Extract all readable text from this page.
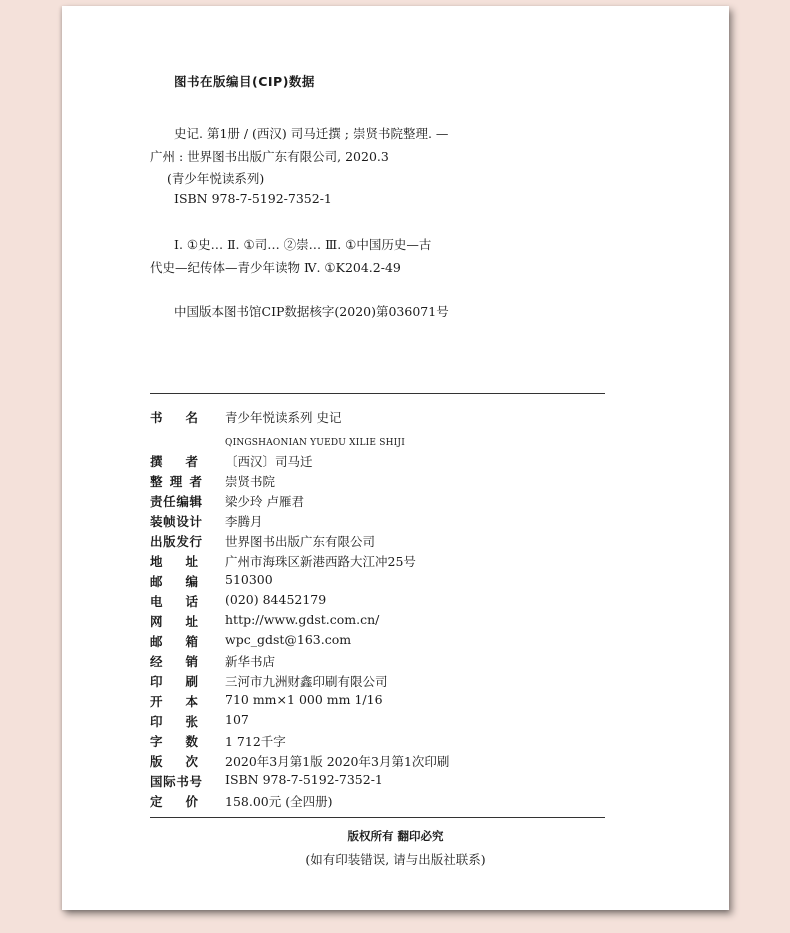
图书在版编目(CIP)数据
史记. 第1册 / (西汉) 司马迁撰 ; 崇贤书院整理. —
广州 : 世界图书出版广东有限公司, 2020.3
(青少年悦读系列)
ISBN 978-7-5192-7352-1
Ⅰ. ①史… Ⅱ. ①司… ②崇… Ⅲ. ①中国历史—古
代史—纪传体—青少年读物 Ⅳ. ①K204.2-49
中国版本图书馆CIP数据核字(2020)第036071号
书 名 青少年悦读系列 史记
撰 者 〔西汉〕司马迁
整 理 者 崇贤书院
责 任 编 辑 梁少玲 卢雁君
装 帧 设 计 李腾月
出 版 发 行 世界图书出版广东有限公司
地 址 广州市海珠区新港西路大江冲25号
邮 编 510300
电 话 (020) 84452179
网 址 http://www.gdst.com.cn/
邮 箱 wpc_gdst@163.com
经 销 新华书店
印 刷 三河市九洲财鑫印刷有限公司
开 本 710 mm×1 000 mm 1/16
印 张 107
字 数 1 712千字
版 次 2020年3月第1版 2020年3月第1次印刷
国 际 书 号 ISBN 978-7-5192-7352-1
定 价 158.00元 (全四册)
QINGSHAONIAN YUEDU XILIE SHIJI
版权所有 翻印必究
(如有印装错误, 请与出版社联系)
